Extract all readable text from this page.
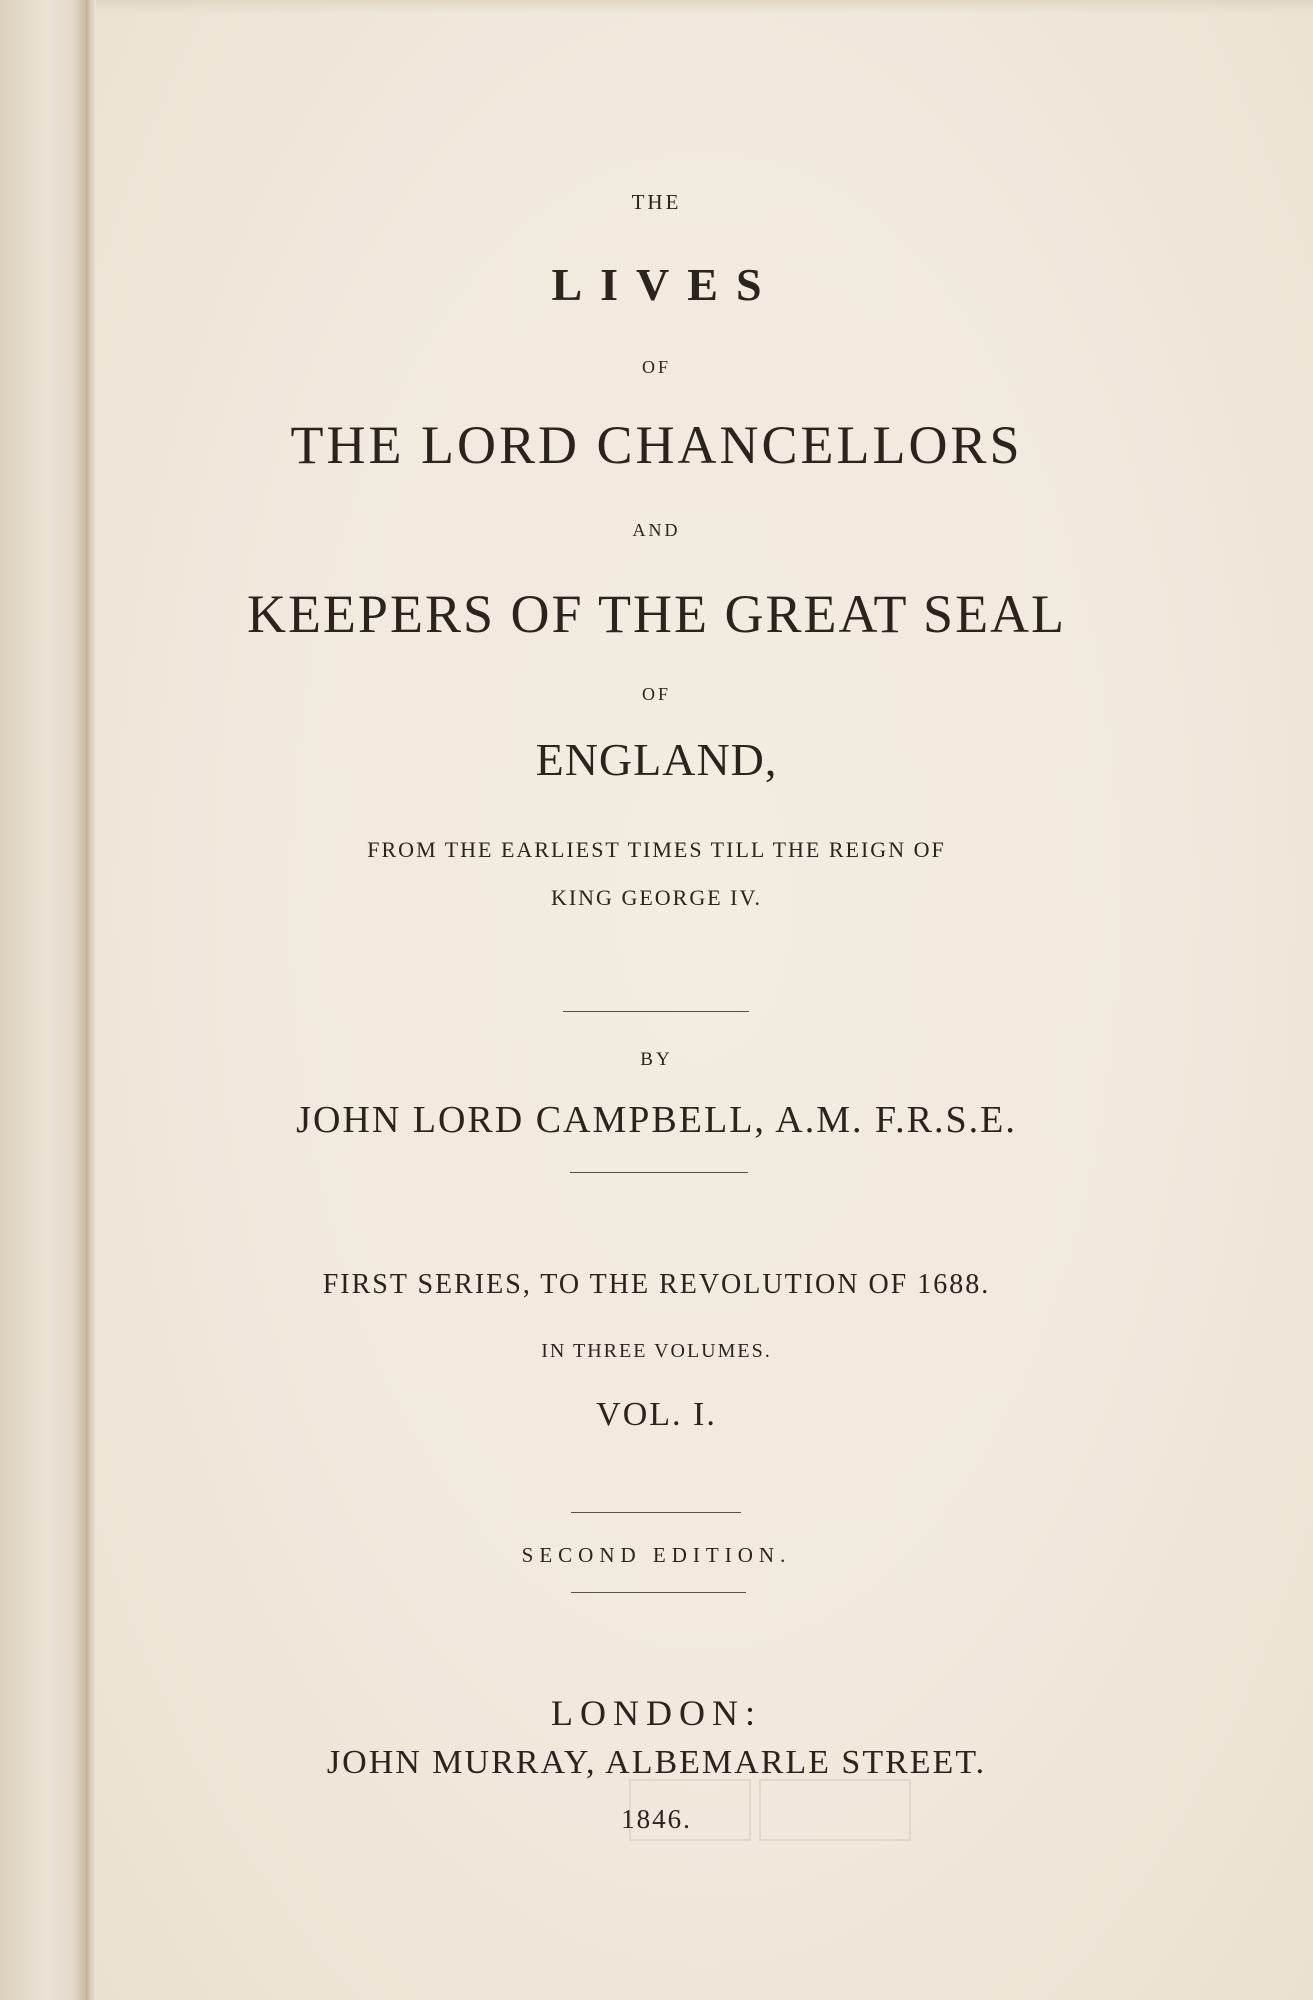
THE

LIVES

OF

THE LORD CHANCELLORS

AND

KEEPERS OF THE GREAT SEAL

OF

ENGLAND,

FROM THE EARLIEST TIMES TILL THE REIGN OF

KING GEORGE IV.

BY

JOHN LORD CAMPBELL, A.M. F.R.S.E.

FIRST SERIES, TO THE REVOLUTION OF 1688.

IN THREE VOLUMES.

VOL. I.

SECOND EDITION.

LONDON:

JOHN MURRAY, ALBEMARLE STREET.

1846.
